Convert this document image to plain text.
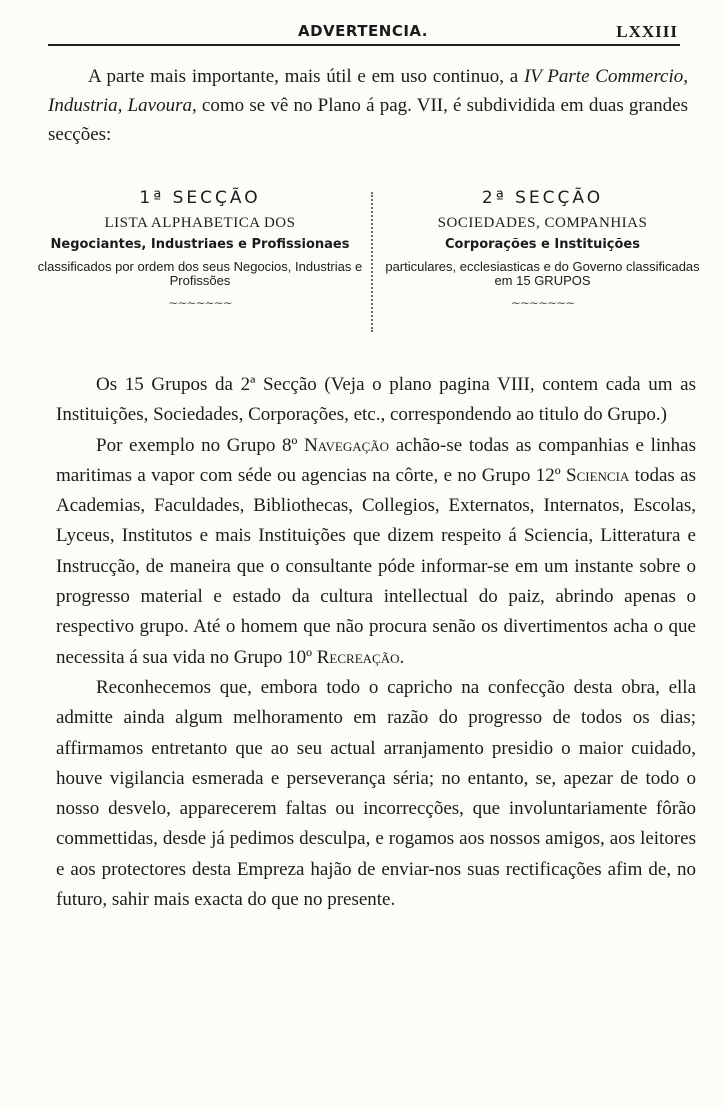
ADVERTENCIA.	LXXIII

A parte mais importante, mais útil e em uso continuo, a IV Parte Commercio, Industria, Lavoura, como se vê no Plano á pag. VII, é subdividida em duas grandes secções:

1ª SECÇÃO
LISTA ALPHABETICA DOS
Negociantes, Industriaes e Profissionaes
classificados por ordem dos seus Negocios, Industrias e Profissões
∼∼∼∼∼∼∼
2ª SECÇÃO
SOCIEDADES, COMPANHIAS
Corporações e Instituições
particulares, ecclesiasticas e do Governo classificadas em 15 GRUPOS
∼∼∼∼∼∼∼

Os 15 Grupos da 2ª Secção (Veja o plano pagina VIII, contem cada um as Instituições, Sociedades, Corporações, etc., correspondendo ao titulo do Grupo.)

Por exemplo no Grupo 8º Navegação achão-se todas as companhias e linhas maritimas a vapor com séde ou agencias na côrte, e no Grupo 12º Sciencia todas as Academias, Faculdades, Bibliothecas, Collegios, Externatos, Internatos, Escolas, Lyceus, Institutos e mais Instituições que dizem respeito á Sciencia, Litteratura e Instrucção, de maneira que o consultante póde informar-se em um instante sobre o progresso material e estado da cultura intellectual do paiz, abrindo apenas o respectivo grupo. Até o homem que não procura senão os divertimentos acha o que necessita á sua vida no Grupo 10º Recreação.

Reconhecemos que, embora todo o capricho na confecção desta obra, ella admitte ainda algum melhoramento em razão do progresso de todos os dias; affirmamos entretanto que ao seu actual arranjamento presidio o maior cuidado, houve vigilancia esmerada e perseverança séria; no entanto, se, apezar de todo o nosso desvelo, apparecerem faltas ou incorrecções, que involuntariamente fôrão commettidas, desde já pedimos desculpa, e rogamos aos nossos amigos, aos leitores e aos protectores desta Empreza hajão de enviar-nos suas rectificações afim de, no futuro, sahir mais exacta do que no presente.
